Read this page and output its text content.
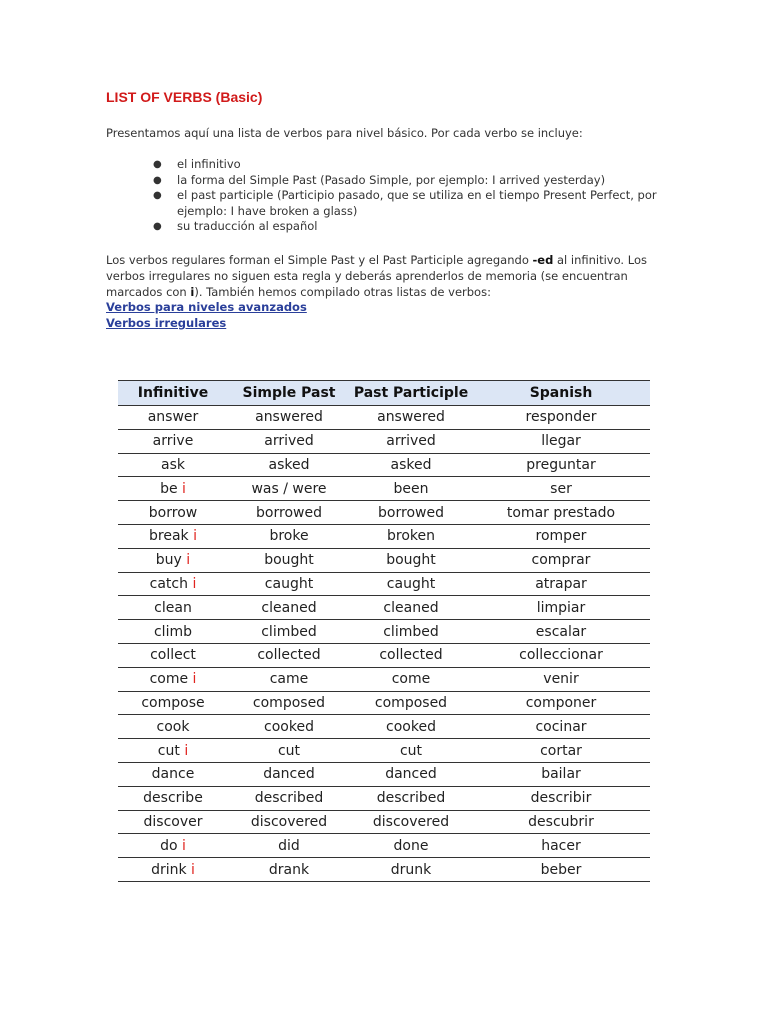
LIST OF VERBS (Basic)

Presentamos aquí una lista de verbos para nivel básico. Por cada verbo se incluye:

● el infinitivo
● la forma del Simple Past (Pasado Simple, por ejemplo: I arrived yesterday)
● el past participle (Participio pasado, que se utiliza en el tiempo Present Perfect, por ejemplo: I have broken a glass)
● su traducción al español

Los verbos regulares forman el Simple Past y el Past Participle agregando -ed al infinitivo. Los verbos irregulares no siguen esta regla y deberás aprenderlos de memoria (se encuentran marcados con i). También hemos compilado otras listas de verbos:

Verbos para niveles avanzados
Verbos irregulares
Infinitive	Simple Past	Past Participle	Spanish
answer	answered	answered	responder
arrive	arrived	arrived	llegar
ask	asked	asked	preguntar
be i	was / were	been	ser
borrow	borrowed	borrowed	tomar prestado
break i	broke	broken	romper
buy i	bought	bought	comprar
catch i	caught	caught	atrapar
clean	cleaned	cleaned	limpiar
climb	climbed	climbed	escalar
collect	collected	collected	colleccionar
come i	came	come	venir
compose	composed	composed	componer
cook	cooked	cooked	cocinar
cut i	cut	cut	cortar
dance	danced	danced	bailar
describe	described	described	describir
discover	discovered	discovered	descubrir
do i	did	done	hacer
drink i	drank	drunk	beber
